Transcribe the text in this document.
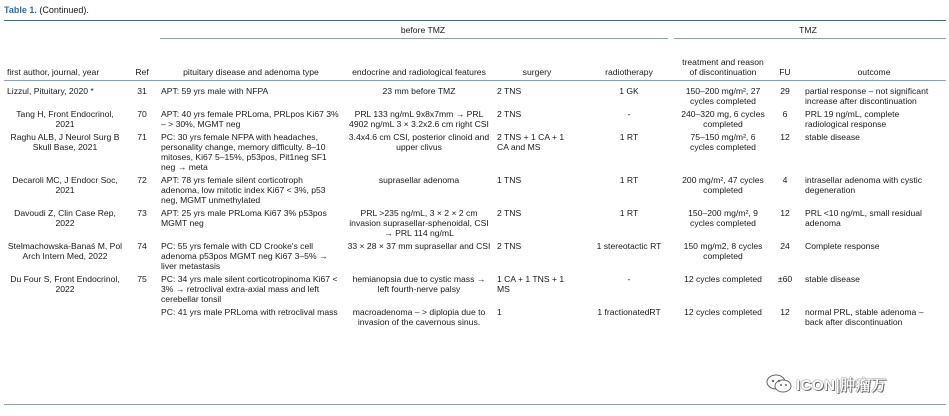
Table 1. (Continued).
before TMZ	TMZ
first author, journal, year	Ref	pituitary disease and adenoma type	endocrine and radiological features	surgery	radiotherapy	treatment and reason of discontinuation	FU	outcome
Lizzul, Pituitary, 2020 *	31	APT: 59 yrs male with NFPA	23 mm before TMZ	2 TNS	1 GK	150–200 mg/m², 27 cycles completed	29	partial response – not significant increase after discontinuation
Tang H, Front Endocrinol, 2021	70	APT: 40 yrs female PRLoma, PRLpos Ki67 3% – > 30%, MGMT neg	PRL 133 ng/mL 9x8x7mm → PRL 4902 ng/mL 3 × 3.2x2.6 cm right CSI	2 TNS	-	240–320 mg, 6 cycles completed	6	PRL 19 ng/mL, complete radiological response
Raghu ALB, J Neurol Surg B Skull Base, 2021	71	PC: 30 yrs female NFPA with headaches, personality change, memory difficulty. 8–10 mitoses, Ki67 5–15%, p53pos, Pit1neg SF1 neg → meta	3.4x4.6 cm CSI, posterior clinoid and upper clivus	2 TNS + 1 CA + 1 CA and MS	1 RT	75–150 mg/m², 6 cycles completed	12	stable disease
Decaroli MC, J Endocr Soc, 2021	72	APT: 78 yrs female silent corticotroph adenoma, low mitotic index Ki67 < 3%, p53 neg, MGMT unmethylated	suprasellar adenoma	1 TNS	1 RT	200 mg/m², 47 cycles completed	4	intrasellar adenoma with cystic degeneration
Davoudi Z, Clin Case Rep, 2022	73	APT: 25 yrs male PRLoma Ki67 3% p53pos MGMT neg	PRL >235 ng/mL, 3 × 2 × 2 cm invasion suprasellar-sphenoidal, CSI → PRL 114 ng/mL	2 TNS	1 RT	150–200 mg/m², 9 cycles completed	12	PRL <10 ng/mL, small residual adenoma
Stelmachowska-Banaś M, Pol Arch Intern Med, 2022	74	PC: 55 yrs female with CD Crooke's cell adenoma p53pos MGMT neg Ki67 3–5% → liver metastasis	33 × 28 × 37 mm suprasellar and CSI	2 TNS	1 stereotactic RT	150 mg/m2, 8 cycles completed	24	Complete response
Du Four S, Front Endocrinol, 2022	75	PC: 34 yrs male silent corticotropinoma Ki67 < 3% → retroclival extra-axial mass and left cerebellar tonsil	hemianopsia due to cystic mass → left fourth-nerve palsy	1 CA + 1 TNS + 1 MS	-	12 cycles completed	±60	stable disease
		PC: 41 yrs male PRLoma with retroclival mass	macroadenoma – > diplopia due to invasion of the cavernous sinus.	1	1 fractionatedRT	12 cycles completed	12	normal PRL, stable adenoma – back after discontinuation
ICON|肿瘤万
